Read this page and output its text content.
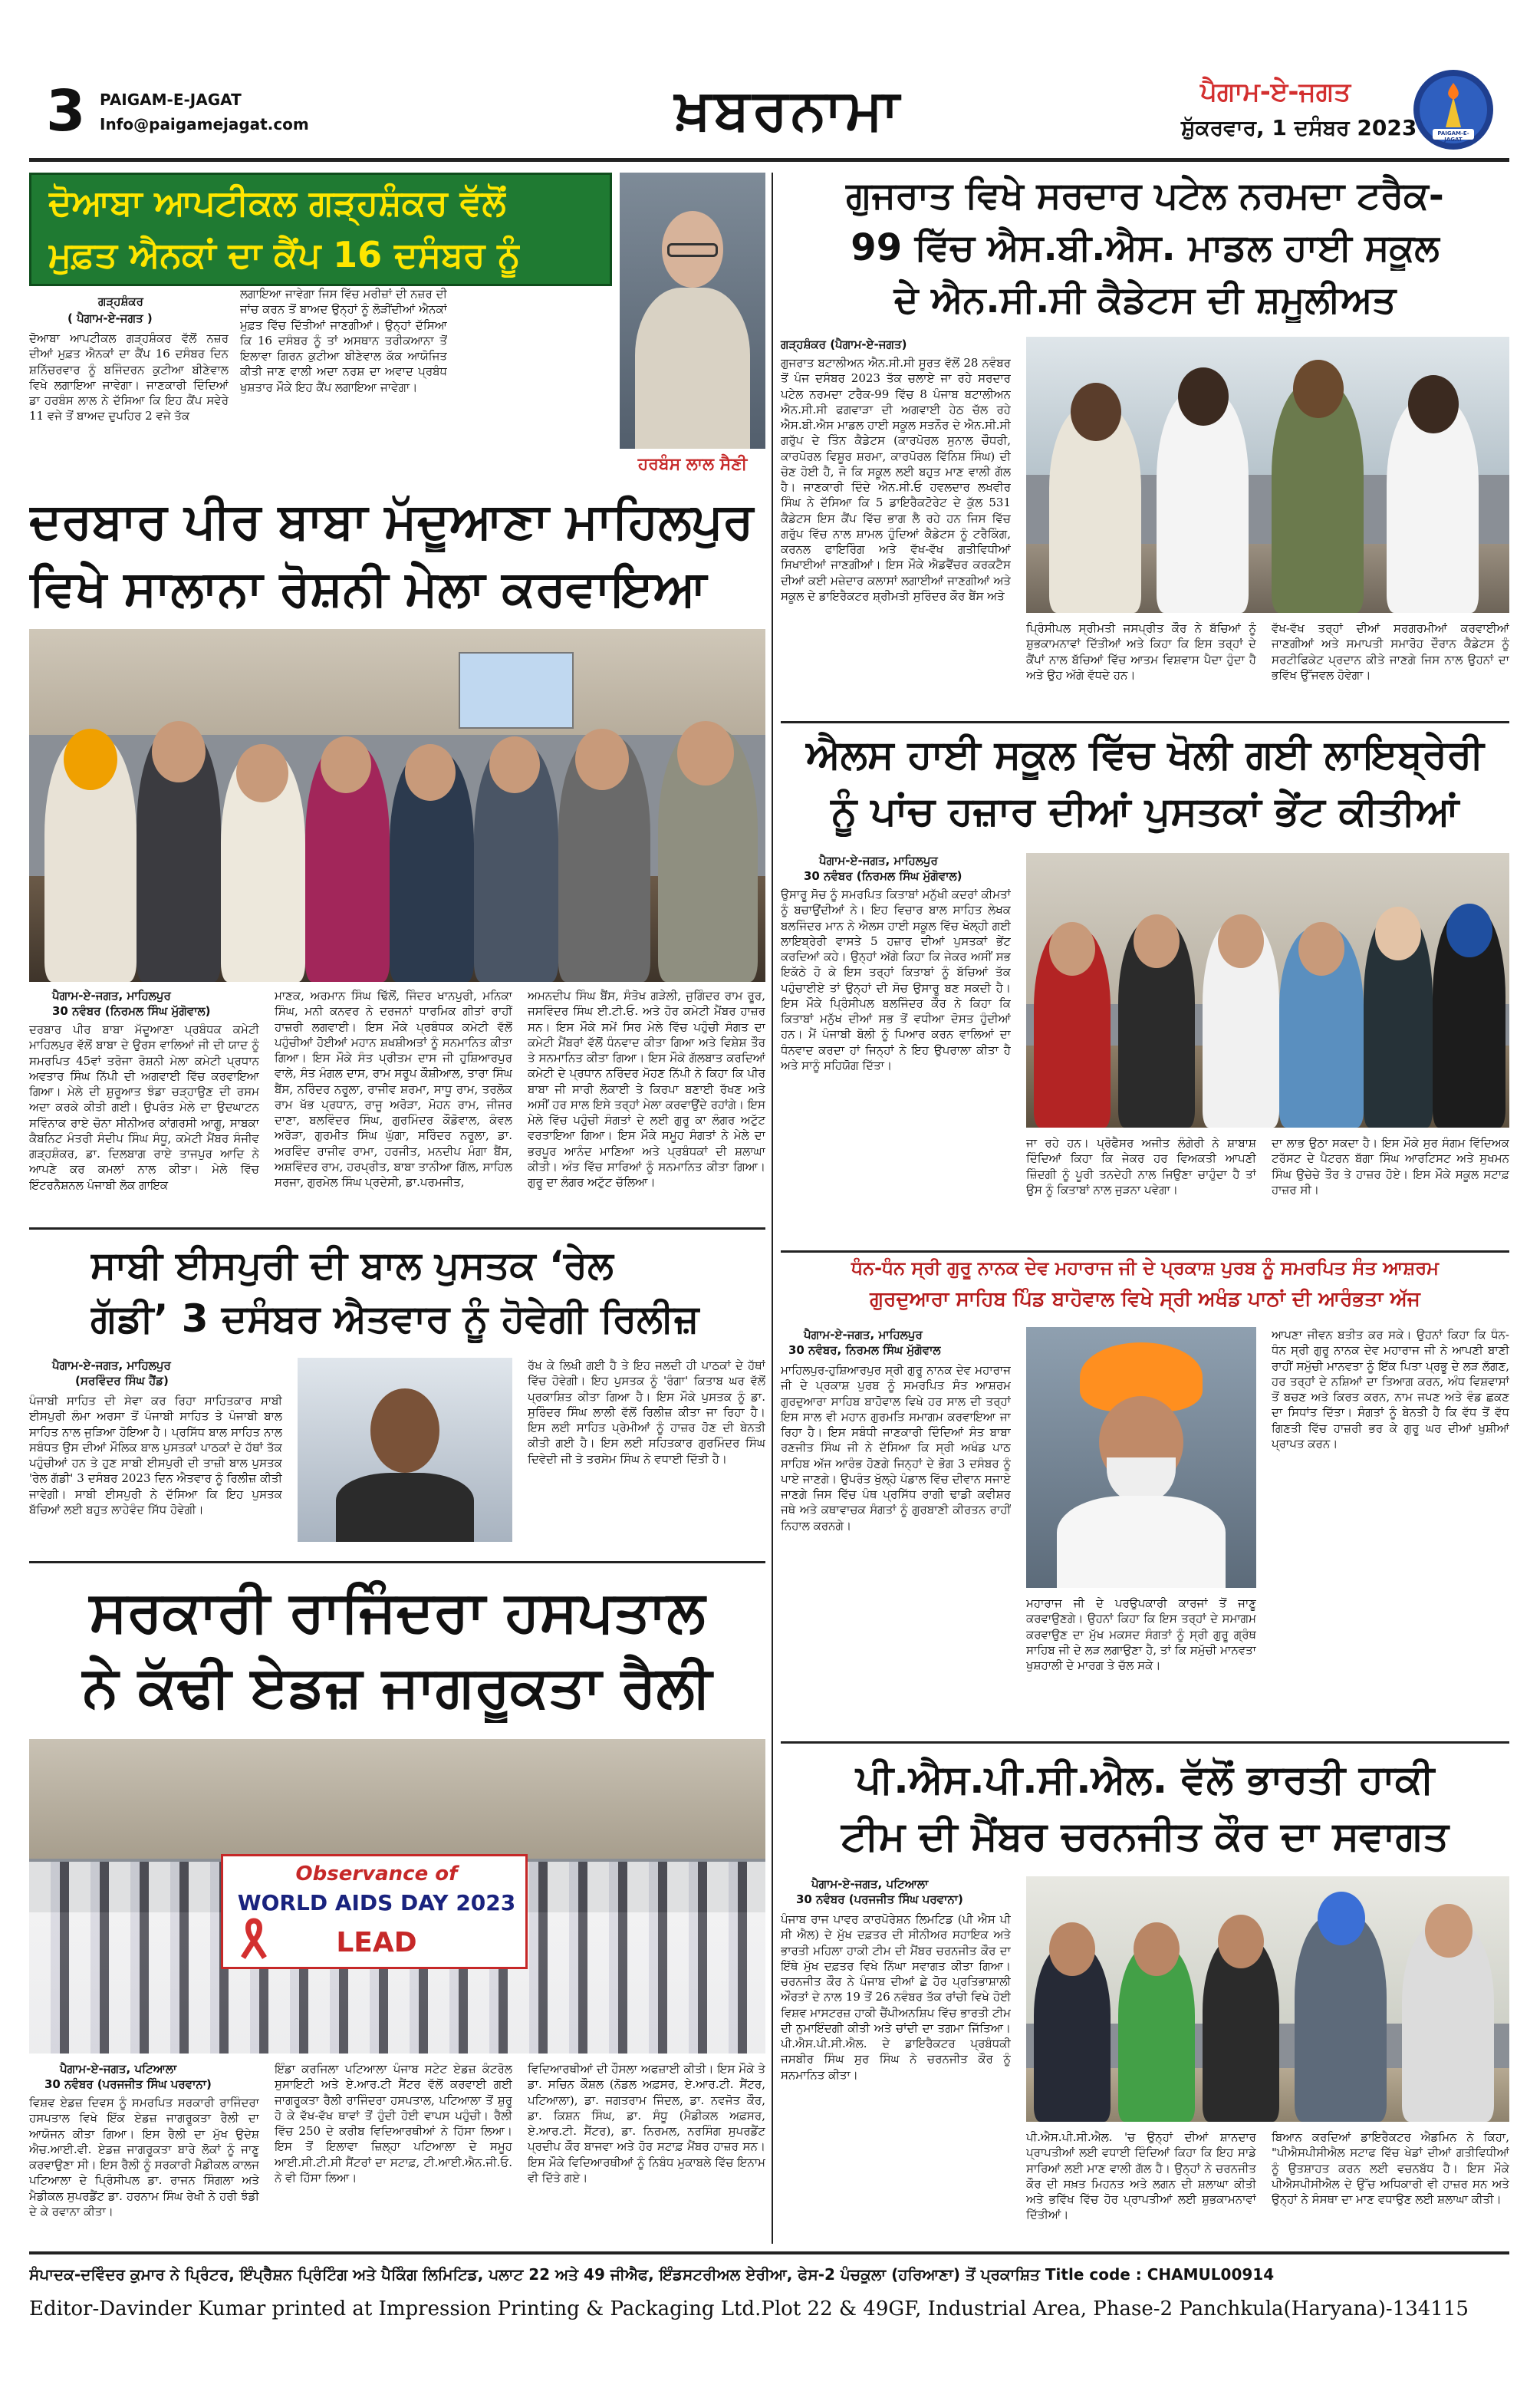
3 PAIGAM-E-JAGAT
Info@paigamejagat.com	ਖ਼ਬਰਨਾਮਾ	ਪੈਗਾਮ-ਏ-ਜਗਤ
ਸ਼ੁੱਕਰਵਾਰ, 1 ਦਸੰਬਰ 2023	PAIGAM-E-JAGAT
ਦੋਆਬਾ ਆਪਟੀਕਲ ਗੜ੍ਹਸ਼ੰਕਰ ਵੱਲੋਂ
ਮੁਫ਼ਤ ਐਨਕਾਂ ਦਾ ਕੈਂਪ 16 ਦਸੰਬਰ ਨੂੰ
ਗੜ੍ਹਸ਼ੰਕਰ
( ਪੈਗਾਮ-ਏ-ਜਗਤ )
ਦੋਆਬਾ ਆਪਟੀਕਲ ਗੜ੍ਹਸ਼ੰਕਰ ਵੱਲੋਂ ਨਜ਼ਰ ਦੀਆਂ ਮੁਫ਼ਤ ਐਨਕਾਂ ਦਾ ਕੈਂਪ 16 ਦਸੰਬਰ ਦਿਨ ਸ਼ਨਿੱਚਰਵਾਰ ਨੂੰ ਬਜਿੰਦਰਨ ਕੁਟੀਆ ਬੀਣੇਵਾਲ ਵਿਖੇ ਲਗਾਇਆ ਜਾਵੇਗਾ। ਜਾਣਕਾਰੀ ਦਿੰਦਿਆਂ ਡਾ ਹਰਬੰਸ ਲਾਲ ਨੇ ਦੱਸਿਆ ਕਿ ਇਹ ਕੈਂਪ ਸਵੇਰੇ 11 ਵਜੇ ਤੋਂ ਬਾਅਦ ਦੁਪਹਿਰ 2 ਵਜੇ ਤੱਕ
ਲਗਾਇਆ ਜਾਵੇਗਾ ਜਿਸ ਵਿੱਚ ਮਰੀਜ਼ਾਂ ਦੀ ਨਜ਼ਰ ਦੀ ਜਾਂਚ ਕਰਨ ਤੋਂ ਬਾਅਦ ਉਨ੍ਹਾਂ ਨੂੰ ਲੋੜੀਂਦੀਆਂ ਐਨਕਾਂ ਮੁਫ਼ਤ ਵਿੱਚ ਦਿੱਤੀਆਂ ਜਾਣਗੀਆਂ। ਉਨ੍ਹਾਂ ਦੱਸਿਆ ਕਿ 16 ਦਸੰਬਰ ਨੂੰ ਤਾਂ ਅਸਥਾਨ ਤਰੀਕਆਨਾ ਤੋਂ ਇਲਾਵਾ ਗਿਰਨ ਕੁਟੀਆ ਬੀਣੇਵਾਲ ਕੱਕ ਆਯੋਜਿਤ ਕੀਤੀ ਜਾਣ ਵਾਲੀ ਅਦਾ ਨਰਸ਼ ਦਾ ਅਵਾਦ ਪ੍ਰਬੰਧ ਖੁਸ਼ਤਾਰ ਮੌਕੇ ਇਹ ਕੈਂਪ ਲਗਾਇਆ ਜਾਵੇਗਾ।
ਹਰਬੰਸ ਲਾਲ ਸੈਣੀ
ਦਰਬਾਰ ਪੀਰ ਬਾਬਾ ਮੱਦੂਆਣਾ ਮਾਹਿਲਪੁਰ
ਵਿਖੇ ਸਾਲਾਨਾ ਰੋਸ਼ਨੀ ਮੇਲਾ ਕਰਵਾਇਆ
ਪੈਗਾਮ-ਏ-ਜਗਤ, ਮਾਹਿਲਪੁਰ
30 ਨਵੰਬਰ (ਨਿਰਮਲ ਸਿੰਘ ਮੁੱਗੋਵਾਲ)
ਦਰਬਾਰ ਪੀਰ ਬਾਬਾ ਮੱਦੂਆਣਾ ਪ੍ਰਬੰਧਕ ਕਮੇਟੀ ਮਾਹਿਲਪੁਰ ਵੱਲੋਂ ਬਾਬਾ ਦੇ ਉਰਸ ਵਾਲਿਆਂ ਜੀ ਦੀ ਯਾਦ ਨੂੰ ਸਮਰਪਿਤ 45ਵਾਂ ਤਰੋਜਾ ਰੋਸ਼ਨੀ ਮੇਲਾ ਕਮੇਟੀ ਪ੍ਰਧਾਨ ਅਵਤਾਰ ਸਿੰਘ ਨਿੱਪੀ ਦੀ ਅਗਵਾਈ ਵਿੱਚ ਕਰਵਾਇਆ ਗਿਆ। ਮੇਲੇ ਦੀ ਸ਼ੁਰੂਆਤ ਝੰਡਾ ਚੜ੍ਹਾਉਣ ਦੀ ਰਸਮ ਅਦਾ ਕਰਕੇ ਕੀਤੀ ਗਈ। ਉਪਰੰਤ ਮੇਲੇ ਦਾ ਉਦਘਾਟਨ ਸਵਿੰਨਾਕ ਰਾਏ ਚੋਨਾ ਸੀਨੀਅਰ ਕਾਂਗਰਸੀ ਆਗੂ, ਸਾਬਕਾ ਕੈਬਨਿਟ ਮੰਤਰੀ ਸੰਦੀਪ ਸਿੰਘ ਸੰਧੂ, ਕਮੇਟੀ ਮੈਂਬਰ ਸੰਜੀਵ ਗੜ੍ਹਸ਼ੰਕਰ, ਡਾ. ਦਿਲਬਾਗ ਰਾਏ ਤਾਜਪੁਰ ਆਦਿ ਨੇ ਆਪਣੇ ਕਰ ਕਮਲਾਂ ਨਾਲ ਕੀਤਾ। ਮੇਲੇ ਵਿੱਚ ਇੰਟਰਨੈਸ਼ਨਲ ਪੰਜਾਬੀ ਲੋਕ ਗਾਇਕ
ਮਾਣਕ, ਅਰਮਾਨ ਸਿੰਘ ਢਿੱਲੋਂ, ਜਿੰਦਰ ਖਾਨਪੁਰੀ, ਮਨਿਕਾ ਸਿੰਘ, ਮਨੀ ਕਨਵਰ ਨੇ ਦਰਜਨਾਂ ਧਾਰਮਿਕ ਗੀਤਾਂ ਰਾਹੀਂ ਹਾਜ਼ਰੀ ਲਗਵਾਈ। ਇਸ ਮੌਕੇ ਪ੍ਰਬੰਧਕ ਕਮੇਟੀ ਵੱਲੋਂ ਪਹੁੰਚੀਆਂ ਹੋਈਆਂ ਮਹਾਨ ਸ਼ਖਸ਼ੀਅਤਾਂ ਨੂੰ ਸਨਮਾਨਿਤ ਕੀਤਾ ਗਿਆ। ਇਸ ਮੌਕੇ ਸੰਤ ਪ੍ਰੀਤਮ ਦਾਸ ਜੀ ਹੁਸ਼ਿਆਰਪੁਰ ਵਾਲੇ, ਸੰਤ ਮੰਗਲ ਦਾਸ, ਰਾਮ ਸਰੂਪ ਕੌਸ਼ੀਆਲ, ਤਾਰਾ ਸਿੰਘ ਬੈਂਸ, ਨਰਿੰਦਰ ਨਰੂਲਾ, ਰਾਜੀਵ ਸ਼ਰਮਾ, ਸਾਧੂ ਰਾਮ, ਤਰਲੋਕ ਰਾਮ ਖੱਭ ਪ੍ਰਧਾਨ, ਰਾਜੂ ਅਰੋੜਾ, ਮੋਹਨ ਰਾਮ, ਜੀਜਰ ਦਾਣਾ, ਬਲਵਿੰਦਰ ਸਿੰਘ, ਗੁਰਮਿੰਦਰ ਕੌਡੋਵਾਲ, ਕੰਵਲ ਅਰੋੜਾ, ਗੁਰਮੀਤ ਸਿੰਘ ਘੁੱਗਾ, ਸਰਿੰਦਰ ਨਰੂਲਾ, ਡਾ. ਅਰਵਿੰਦ ਰਾਜੀਵ ਰਾਮਾ, ਹਰਜੀਤ, ਮਨਦੀਪ ਮੰਗਾ ਬੈਂਸ, ਅਸ਼ਵਿੰਦਰ ਰਾਮ, ਹਰਪ੍ਰੀਤ, ਬਾਬਾ ਤਾਨੀਆ ਗਿੱਲ, ਸਾਹਿਲ ਸਰਜਾ, ਗੁਰਮੇਲ ਸਿੰਘ ਪ੍ਰਦੇਸੀ, ਡਾ.ਪਰਮਜੀਤ,
ਅਮਨਦੀਪ ਸਿੰਘ ਬੈਂਸ, ਸੰਤੋਖ ਗੜੇਲੀ, ਜੁਗਿੰਦਰ ਰਾਮ ਰੂਰ, ਜਸਵਿੰਦਰ ਸਿੰਘ ਈ.ਟੀ.ਓ. ਅਤੇ ਹੋਰ ਕਮੇਟੀ ਮੈਂਬਰ ਹਾਜ਼ਰ ਸਨ। ਇਸ ਮੌਕੇ ਸਮੇਂ ਸਿਰ ਮੇਲੇ ਵਿੱਚ ਪਹੁੰਚੀ ਸੰਗਤ ਦਾ ਕਮੇਟੀ ਮੈਂਬਰਾਂ ਵੱਲੋਂ ਧੰਨਵਾਦ ਕੀਤਾ ਗਿਆ ਅਤੇ ਵਿਸ਼ੇਸ਼ ਤੌਰ ਤੇ ਸਨਮਾਨਿਤ ਕੀਤਾ ਗਿਆ। ਇਸ ਮੌਕੇ ਗੱਲਬਾਤ ਕਰਦਿਆਂ ਕਮੇਟੀ ਦੇ ਪ੍ਰਧਾਨ ਨਰਿੰਦਰ ਮੋਹਣ ਨਿੱਪੀ ਨੇ ਕਿਹਾ ਕਿ ਪੀਰ ਬਾਬਾ ਜੀ ਸਾਰੀ ਲੋਕਾਈ ਤੇ ਕਿਰਪਾ ਬਣਾਈ ਰੱਖਣ ਅਤੇ ਅਸੀਂ ਹਰ ਸਾਲ ਇਸੇ ਤਰ੍ਹਾਂ ਮੇਲਾ ਕਰਵਾਉਂਦੇ ਰਹਾਂਗੇ। ਇਸ ਮੇਲੇ ਵਿੱਚ ਪਹੁੰਚੀ ਸੰਗਤਾਂ ਦੇ ਲਈ ਗੁਰੂ ਕਾ ਲੰਗਰ ਅਟੁੱਟ ਵਰਤਾਇਆ ਗਿਆ। ਇਸ ਮੌਕੇ ਸਮੂਹ ਸੰਗਤਾਂ ਨੇ ਮੇਲੇ ਦਾ ਭਰਪੂਰ ਆਨੰਦ ਮਾਣਿਆ ਅਤੇ ਪ੍ਰਬੰਧਕਾਂ ਦੀ ਸ਼ਲਾਘਾ ਕੀਤੀ। ਅੰਤ ਵਿੱਚ ਸਾਰਿਆਂ ਨੂੰ ਸਨਮਾਨਿਤ ਕੀਤਾ ਗਿਆ। ਗੁਰੂ ਦਾ ਲੰਗਰ ਅਟੁੱਟ ਚੱਲਿਆ।
ਸਾਬੀ ਈਸਪੁਰੀ ਦੀ ਬਾਲ ਪੁਸਤਕ ‘ਰੇਲ
ਗੱਡੀ’ 3 ਦਸੰਬਰ ਐਤਵਾਰ ਨੂੰ ਹੋਵੇਗੀ ਰਿਲੀਜ਼
ਪੈਗਾਮ-ਏ-ਜਗਤ, ਮਾਹਿਲਪੁਰ
(ਸਰਵਿੰਦਰ ਸਿੰਘ ਹੈਂਡ)
ਪੰਜਾਬੀ ਸਾਹਿਤ ਦੀ ਸੇਵਾ ਕਰ ਰਿਹਾ ਸਾਹਿਤਕਾਰ ਸਾਬੀ ਈਸਪੁਰੀ ਲੰਮਾ ਅਰਸਾ ਤੋਂ ਪੰਜਾਬੀ ਸਾਹਿਤ ਤੇ ਪੰਜਾਬੀ ਬਾਲ ਸਾਹਿਤ ਨਾਲ ਜੁੜਿਆ ਹੋਇਆ ਹੈ। ਪ੍ਰਸਿੱਧ ਬਾਲ ਸਾਹਿਤ ਨਾਲ ਸਬੰਧਤ ਉਸ ਦੀਆਂ ਮੌਲਿਕ ਬਾਲ ਪੁਸਤਕਾਂ ਪਾਠਕਾਂ ਦੇ ਹੱਥਾਂ ਤੱਕ ਪਹੁੰਚੀਆਂ ਹਨ ਤੇ ਹੁਣ ਸਾਬੀ ਈਸਪੁਰੀ ਦੀ ਤਾਜ਼ੀ ਬਾਲ ਪੁਸਤਕ 'ਰੇਲ ਗੱਡੀ' 3 ਦਸੰਬਰ 2023 ਦਿਨ ਐਤਵਾਰ ਨੂੰ ਰਿਲੀਜ਼ ਕੀਤੀ ਜਾਵੇਗੀ। ਸਾਬੀ ਈਸਪੁਰੀ ਨੇ ਦੱਸਿਆ ਕਿ ਇਹ ਪੁਸਤਕ ਬੱਚਿਆਂ ਲਈ ਬਹੁਤ ਲਾਹੇਵੰਦ ਸਿੱਧ ਹੋਵੇਗੀ।
ਰੱਖ ਕੇ ਲਿਖੀ ਗਈ ਹੈ ਤੇ ਇਹ ਜਲਦੀ ਹੀ ਪਾਠਕਾਂ ਦੇ ਹੱਥਾਂ ਵਿੱਚ ਹੋਵੇਗੀ। ਇਹ ਪੁਸਤਕ ਨੂੰ 'ਰੰਗਾ' ਕਿਤਾਬ ਘਰ ਵੱਲੋਂ ਪ੍ਰਕਾਸ਼ਿਤ ਕੀਤਾ ਗਿਆ ਹੈ। ਇਸ ਮੌਕੇ ਪੁਸਤਕ ਨੂੰ ਡਾ. ਸੁਰਿੰਦਰ ਸਿੰਘ ਲਾਲੀ ਵੱਲੋਂ ਰਿਲੀਜ਼ ਕੀਤਾ ਜਾ ਰਿਹਾ ਹੈ। ਇਸ ਲਈ ਸਾਹਿਤ ਪ੍ਰੇਮੀਆਂ ਨੂੰ ਹਾਜ਼ਰ ਹੋਣ ਦੀ ਬੇਨਤੀ ਕੀਤੀ ਗਈ ਹੈ। ਇਸ ਲਈ ਸਹਿਤਕਾਰ ਗੁਰਮਿੰਦਰ ਸਿੰਘ ਦਿਵੇਦੀ ਜੀ ਤੇ ਤਰਸੇਮ ਸਿੰਘ ਨੇ ਵਧਾਈ ਦਿੱਤੀ ਹੈ।
ਸਰਕਾਰੀ ਰਾਜਿੰਦਰਾ ਹਸਪਤਾਲ
ਨੇ ਕੱਢੀ ਏਡਜ਼ ਜਾਗਰੂਕਤਾ ਰੈਲੀ
Observance of
WORLD AIDS DAY 2023
LEAD
ਪੈਗਾਮ-ਏ-ਜਗਤ, ਪਟਿਆਲਾ
30 ਨਵੰਬਰ (ਪਰਜਜੀਤ ਸਿੰਘ ਪਰਵਾਨਾ)
ਵਿਸ਼ਵ ਏਡਜ਼ ਦਿਵਸ ਨੂੰ ਸਮਰਪਿਤ ਸਰਕਾਰੀ ਰਾਜਿੰਦਰਾ ਹਸਪਤਾਲ ਵਿਖੇ ਇੱਕ ਏਡਜ਼ ਜਾਗਰੂਕਤਾ ਰੈਲੀ ਦਾ ਆਯੋਜਨ ਕੀਤਾ ਗਿਆ। ਇਸ ਰੈਲੀ ਦਾ ਮੁੱਖ ਉਦੇਸ਼ ਐਚ.ਆਈ.ਵੀ. ਏਡਜ਼ ਜਾਗਰੂਕਤਾ ਬਾਰੇ ਲੋਕਾਂ ਨੂੰ ਜਾਣੂ ਕਰਵਾਉਣਾ ਸੀ। ਇਸ ਰੈਲੀ ਨੂੰ ਸਰਕਾਰੀ ਮੈਡੀਕਲ ਕਾਲਜ ਪਟਿਆਲਾ ਦੇ ਪ੍ਰਿੰਸੀਪਲ ਡਾ. ਰਾਜਨ ਸਿੰਗਲਾ ਅਤੇ ਮੈਡੀਕਲ ਸੁਪਰਡੈਂਟ ਡਾ. ਹਰਨਾਮ ਸਿੰਘ ਰੇਖੀ ਨੇ ਹਰੀ ਝੰਡੀ ਦੇ ਕੇ ਰਵਾਨਾ ਕੀਤਾ।
ਇੰਡਾ ਕਰਜਿਲਾ ਪਟਿਆਲਾ ਪੰਜਾਬ ਸਟੇਟ ਏਡਜ਼ ਕੰਟਰੋਲ ਸੁਸਾਇਟੀ ਅਤੇ ਏ.ਆਰ.ਟੀ ਸੈਂਟਰ ਵੱਲੋਂ ਕਰਵਾਈ ਗਈ ਜਾਗਰੂਕਤਾ ਰੈਲੀ ਰਾਜਿੰਦਰਾ ਹਸਪਤਾਲ, ਪਟਿਆਲਾ ਤੋਂ ਸ਼ੁਰੂ ਹੋ ਕੇ ਵੱਖ-ਵੱਖ ਥਾਵਾਂ ਤੋਂ ਹੁੰਦੀ ਹੋਈ ਵਾਪਸ ਪਹੁੰਚੀ। ਰੈਲੀ ਵਿੱਚ 250 ਦੇ ਕਰੀਬ ਵਿਦਿਆਰਥੀਆਂ ਨੇ ਹਿੱਸਾ ਲਿਆ। ਇਸ ਤੋਂ ਇਲਾਵਾ ਜ਼ਿਲ੍ਹਾ ਪਟਿਆਲਾ ਦੇ ਸਮੂਹ ਆਈ.ਸੀ.ਟੀ.ਸੀ ਸੈਂਟਰਾਂ ਦਾ ਸਟਾਫ਼, ਟੀ.ਆਈ.ਐਨ.ਜੀ.ਓ. ਨੇ ਵੀ ਹਿੱਸਾ ਲਿਆ।
ਵਿਦਿਆਰਥੀਆਂ ਦੀ ਹੌਸਲਾ ਅਫਜ਼ਾਈ ਕੀਤੀ। ਇਸ ਮੌਕੇ ਤੇ ਡਾ. ਸਚਿਨ ਕੌਸ਼ਲ (ਨੋਡਲ ਅਫ਼ਸਰ, ਏ.ਆਰ.ਟੀ. ਸੈਂਟਰ, ਪਟਿਆਲਾ), ਡਾ. ਜਗਤਰਾਮ ਜਿੰਦਲ, ਡਾ. ਨਵਜੋਤ ਕੌਰ, ਡਾ. ਕਿਸ਼ਨ ਸਿੰਘ, ਡਾ. ਸੰਧੂ (ਮੈਡੀਕਲ ਅਫ਼ਸਰ, ਏ.ਆਰ.ਟੀ. ਸੈਂਟਰ), ਡਾ. ਨਿਰਮਲ, ਨਰਸਿੰਗ ਸੁਪਰਡੈਂਟ ਪ੍ਰਦੀਪ ਕੌਰ ਬਾਜਵਾ ਅਤੇ ਹੋਰ ਸਟਾਫ਼ ਮੈਂਬਰ ਹਾਜ਼ਰ ਸਨ। ਇਸ ਮੌਕੇ ਵਿਦਿਆਰਥੀਆਂ ਨੂੰ ਨਿਬੰਧ ਮੁਕਾਬਲੇ ਵਿੱਚ ਇਨਾਮ ਵੀ ਦਿੱਤੇ ਗਏ।
ਗੁਜਰਾਤ ਵਿਖੇ ਸਰਦਾਰ ਪਟੇਲ ਨਰਮਦਾ ਟਰੈਕ-
99 ਵਿੱਚ ਐਸ.ਬੀ.ਐਸ. ਮਾਡਲ ਹਾਈ ਸਕੂਲ
ਦੇ ਐਨ.ਸੀ.ਸੀ ਕੈਡੇਟਸ ਦੀ ਸ਼ਮੂਲੀਅਤ
ਗੜ੍ਹਸ਼ੰਕਰ (ਪੈਗਾਮ-ਏ-ਜਗਤ)
ਗੁਜਰਾਤ ਬਟਾਲੀਅਨ ਐਨ.ਸੀ.ਸੀ ਸੂਰਤ ਵੱਲੋਂ 28 ਨਵੰਬਰ ਤੋਂ ਪੰਜ ਦਸੰਬਰ 2023 ਤੱਕ ਚਲਾਏ ਜਾ ਰਹੇ ਸਰਦਾਰ ਪਟੇਲ ਨਰਮਦਾ ਟਰੈਕ-99 ਵਿੱਚ 8 ਪੰਜਾਬ ਬਟਾਲੀਅਨ ਐਨ.ਸੀ.ਸੀ ਫਗਵਾੜਾ ਦੀ ਅਗਵਾਈ ਹੇਠ ਚੱਲ ਰਹੇ ਐਸ.ਬੀ.ਐਸ ਮਾਡਲ ਹਾਈ ਸਕੂਲ ਸਤਨੌਰ ਦੇ ਐਨ.ਸੀ.ਸੀ ਗਰੁੱਪ ਦੇ ਤਿੰਨ ਕੈਡੇਟਸ (ਕਾਰਪੋਰਲ ਸੁਨਾਲ ਚੌਧਰੀ, ਕਾਰਪੋਰਲ ਵਿਸ਼ੂਰ ਸ਼ਰਮਾ, ਕਾਰਪੋਰਲ ਵਿੱਨਿਸ਼ ਸਿੰਘ) ਦੀ ਚੋਣ ਹੋਈ ਹੈ, ਜੋ ਕਿ ਸਕੂਲ ਲਈ ਬਹੁਤ ਮਾਣ ਵਾਲੀ ਗੱਲ ਹੈ। ਜਾਣਕਾਰੀ ਦਿੰਦੇ ਐਨ.ਸੀ.ਓ ਹਵਲਦਾਰ ਲਖਵੀਰ ਸਿੰਘ ਨੇ ਦੱਸਿਆ ਕਿ 5 ਡਾਇਰੈਕਟੋਰੇਟ ਦੇ ਕੁੱਲ 531 ਕੈਡੇਟਸ ਇਸ ਕੈਂਪ ਵਿੱਚ ਭਾਗ ਲੈ ਰਹੇ ਹਨ ਜਿਸ ਵਿੱਚ ਗਰੁੱਪ ਵਿੱਚ ਨਾਲ ਸ਼ਾਮਲ ਹੁੰਦਿਆਂ ਕੈਡੇਟਸ ਨੂੰ ਟਰੈਕਿੰਗ, ਕਰਨਲ ਫਾਇਰਿੰਗ ਅਤੇ ਵੱਖ-ਵੱਖ ਗਤੀਵਿਧੀਆਂ ਸਿਖਾਈਆਂ ਜਾਣਗੀਆਂ। ਇਸ ਮੌਕੇ ਐਡਵੈਂਚਰ ਕਰਕਟੈਸ ਦੀਆਂ ਕਈ ਮਜ਼ੇਦਾਰ ਕਲਾਸਾਂ ਲਗਾਈਆਂ ਜਾਣਗੀਆਂ ਅਤੇ ਸਕੂਲ ਦੇ ਡਾਇਰੈਕਟਰ ਸ਼੍ਰੀਮਤੀ ਸੁਰਿੰਦਰ ਕੌਰ ਬੈਂਸ ਅਤੇ
ਪ੍ਰਿੰਸੀਪਲ ਸ੍ਰੀਮਤੀ ਜਸਪ੍ਰੀਤ ਕੌਰ ਨੇ ਬੱਚਿਆਂ ਨੂੰ ਸ਼ੁਭਕਾਮਨਾਵਾਂ ਦਿੱਤੀਆਂ ਅਤੇ ਕਿਹਾ ਕਿ ਇਸ ਤਰ੍ਹਾਂ ਦੇ ਕੈਂਪਾਂ ਨਾਲ ਬੱਚਿਆਂ ਵਿੱਚ ਆਤਮ ਵਿਸ਼ਵਾਸ ਪੈਦਾ ਹੁੰਦਾ ਹੈ ਅਤੇ ਉਹ ਅੱਗੇ ਵੱਧਦੇ ਹਨ।
ਵੱਖ-ਵੱਖ ਤਰ੍ਹਾਂ ਦੀਆਂ ਸਰਗਰਮੀਆਂ ਕਰਵਾਈਆਂ ਜਾਣਗੀਆਂ ਅਤੇ ਸਮਾਪਤੀ ਸਮਾਰੋਹ ਦੌਰਾਨ ਕੈਡੇਟਸ ਨੂੰ ਸਰਟੀਫਿਕੇਟ ਪ੍ਰਦਾਨ ਕੀਤੇ ਜਾਣਗੇ ਜਿਸ ਨਾਲ ਉਹਨਾਂ ਦਾ ਭਵਿੱਖ ਉੱਜਵਲ ਹੋਵੇਗਾ।
ਐਲਸ ਹਾਈ ਸਕੂਲ ਵਿੱਚ ਖੋਲੀ ਗਈ ਲਾਇਬ੍ਰੇਰੀ
ਨੂੰ ਪਾਂਚ ਹਜ਼ਾਰ ਦੀਆਂ ਪੁਸਤਕਾਂ ਭੇਂਟ ਕੀਤੀਆਂ
ਪੈਗਾਮ-ਏ-ਜਗਤ, ਮਾਹਿਲਪੁਰ
30 ਨਵੰਬਰ (ਨਿਰਮਲ ਸਿੰਘ ਮੁੱਗੋਵਾਲ)
ਉਸਾਰੂ ਸੋਚ ਨੂੰ ਸਮਰਪਿਤ ਕਿਤਾਬਾਂ ਮਨੁੱਖੀ ਕਦਰਾਂ ਕੀਮਤਾਂ ਨੂੰ ਬਚਾਉਂਦੀਆਂ ਨੇ। ਇਹ ਵਿਚਾਰ ਬਾਲ ਸਾਹਿਤ ਲੇਖਕ ਬਲਜਿੰਦਰ ਮਾਨ ਨੇ ਐਲਸ ਹਾਈ ਸਕੂਲ ਵਿੱਚ ਖੋਲ੍ਹੀ ਗਈ ਲਾਇਬ੍ਰੇਰੀ ਵਾਸਤੇ 5 ਹਜ਼ਾਰ ਦੀਆਂ ਪੁਸਤਕਾਂ ਭੇਂਟ ਕਰਦਿਆਂ ਕਹੇ। ਉਨ੍ਹਾਂ ਅੱਗੇ ਕਿਹਾ ਕਿ ਜੇਕਰ ਅਸੀਂ ਸਭ ਇਕੱਠੇ ਹੋ ਕੇ ਇਸ ਤਰ੍ਹਾਂ ਕਿਤਾਬਾਂ ਨੂੰ ਬੱਚਿਆਂ ਤੱਕ ਪਹੁੰਚਾਈਏ ਤਾਂ ਉਨ੍ਹਾਂ ਦੀ ਸੋਚ ਉਸਾਰੂ ਬਣ ਸਕਦੀ ਹੈ। ਇਸ ਮੌਕੇ ਪ੍ਰਿੰਸੀਪਲ ਬਲਜਿੰਦਰ ਕੌਰ ਨੇ ਕਿਹਾ ਕਿ ਕਿਤਾਬਾਂ ਮਨੁੱਖ ਦੀਆਂ ਸਭ ਤੋਂ ਵਧੀਆ ਦੋਸਤ ਹੁੰਦੀਆਂ ਹਨ। ਮੈਂ ਪੰਜਾਬੀ ਬੋਲੀ ਨੂੰ ਪਿਆਰ ਕਰਨ ਵਾਲਿਆਂ ਦਾ ਧੰਨਵਾਦ ਕਰਦਾ ਹਾਂ ਜਿਨ੍ਹਾਂ ਨੇ ਇਹ ਉਪਰਾਲਾ ਕੀਤਾ ਹੈ ਅਤੇ ਸਾਨੂੰ ਸਹਿਯੋਗ ਦਿੱਤਾ।
ਜਾ ਰਹੇ ਹਨ। ਪ੍ਰੋਫੈਸਰ ਅਜੀਤ ਲੰਗੇਰੀ ਨੇ ਸ਼ਾਬਾਸ਼ ਦਿੰਦਿਆਂ ਕਿਹਾ ਕਿ ਜੇਕਰ ਹਰ ਵਿਅਕਤੀ ਆਪਣੀ ਜ਼ਿੰਦਗੀ ਨੂੰ ਪੂਰੀ ਤਨਦੇਹੀ ਨਾਲ ਜਿਉਣਾ ਚਾਹੁੰਦਾ ਹੈ ਤਾਂ ਉਸ ਨੂੰ ਕਿਤਾਬਾਂ ਨਾਲ ਜੁੜਨਾ ਪਵੇਗਾ।
ਦਾ ਲਾਭ ਉਠਾ ਸਕਦਾ ਹੈ। ਇਸ ਮੌਕੇ ਸੁਰ ਸੰਗਮ ਵਿੱਦਿਅਕ ਟਰੱਸਟ ਦੇ ਪੈਟਰਨ ਬੱਗਾ ਸਿੰਘ ਆਰਟਿਸਟ ਅਤੇ ਸੁਖਮਨ ਸਿੰਘ ਉਚੇਚੇ ਤੌਰ ਤੇ ਹਾਜ਼ਰ ਹੋਏ। ਇਸ ਮੌਕੇ ਸਕੂਲ ਸਟਾਫ਼ ਹਾਜ਼ਰ ਸੀ।
ਧੰਨ-ਧੰਨ ਸ੍ਰੀ ਗੁਰੂ ਨਾਨਕ ਦੇਵ ਮਹਾਰਾਜ ਜੀ ਦੇ ਪ੍ਰਕਾਸ਼ ਪੁਰਬ ਨੂੰ ਸਮਰਪਿਤ ਸੰਤ ਆਸ਼ਰਮ
ਗੁਰਦੁਆਰਾ ਸਾਹਿਬ ਪਿੰਡ ਬਾਹੋਵਾਲ ਵਿਖੇ ਸ੍ਰੀ ਅਖੰਡ ਪਾਠਾਂ ਦੀ ਆਰੰਭਤਾ ਅੱਜ
ਪੈਗਾਮ-ਏ-ਜਗਤ, ਮਾਹਿਲਪੁਰ
30 ਨਵੰਬਰ, ਨਿਰਮਲ ਸਿੰਘ ਮੁੱਗੋਵਾਲ
ਮਾਹਿਲਪੁਰ-ਹੁਸ਼ਿਆਰਪੁਰ ਸ੍ਰੀ ਗੁਰੂ ਨਾਨਕ ਦੇਵ ਮਹਾਰਾਜ ਜੀ ਦੇ ਪ੍ਰਕਾਸ਼ ਪੁਰਬ ਨੂੰ ਸਮਰਪਿਤ ਸੰਤ ਆਸ਼ਰਮ ਗੁਰਦੁਆਰਾ ਸਾਹਿਬ ਬਾਹੋਵਾਲ ਵਿਖੇ ਹਰ ਸਾਲ ਦੀ ਤਰ੍ਹਾਂ ਇਸ ਸਾਲ ਵੀ ਮਹਾਨ ਗੁਰਮਤਿ ਸਮਾਗਮ ਕਰਵਾਇਆ ਜਾ ਰਿਹਾ ਹੈ। ਇਸ ਸਬੰਧੀ ਜਾਣਕਾਰੀ ਦਿੰਦਿਆਂ ਸੰਤ ਬਾਬਾ ਰਣਜੀਤ ਸਿੰਘ ਜੀ ਨੇ ਦੱਸਿਆ ਕਿ ਸ੍ਰੀ ਅਖੰਡ ਪਾਠ ਸਾਹਿਬ ਅੱਜ ਆਰੰਭ ਹੋਣਗੇ ਜਿਨ੍ਹਾਂ ਦੇ ਭੋਗ 3 ਦਸੰਬਰ ਨੂੰ ਪਾਏ ਜਾਣਗੇ। ਉਪਰੰਤ ਖੁੱਲ੍ਹੇ ਪੰਡਾਲ ਵਿੱਚ ਦੀਵਾਨ ਸਜਾਏ ਜਾਣਗੇ ਜਿਸ ਵਿੱਚ ਪੰਥ ਪ੍ਰਸਿੱਧ ਰਾਗੀ ਢਾਡੀ ਕਵੀਸ਼ਰ ਜਥੇ ਅਤੇ ਕਥਾਵਾਚਕ ਸੰਗਤਾਂ ਨੂੰ ਗੁਰਬਾਣੀ ਕੀਰਤਨ ਰਾਹੀਂ ਨਿਹਾਲ ਕਰਨਗੇ।
ਮਹਾਰਾਜ ਜੀ ਦੇ ਪਰਉਪਕਾਰੀ ਕਾਰਜਾਂ ਤੋਂ ਜਾਣੂ ਕਰਵਾਉਣਗੇ। ਉਹਨਾਂ ਕਿਹਾ ਕਿ ਇਸ ਤਰ੍ਹਾਂ ਦੇ ਸਮਾਗਮ ਕਰਵਾਉਣ ਦਾ ਮੁੱਖ ਮਕਸਦ ਸੰਗਤਾਂ ਨੂੰ ਸ੍ਰੀ ਗੁਰੂ ਗ੍ਰੰਥ ਸਾਹਿਬ ਜੀ ਦੇ ਲੜ ਲਗਾਉਣਾ ਹੈ, ਤਾਂ ਕਿ ਸਮੁੱਚੀ ਮਾਨਵਤਾ ਖੁਸ਼ਹਾਲੀ ਦੇ ਮਾਰਗ ਤੇ ਚੱਲ ਸਕੇ।
ਆਪਣਾ ਜੀਵਨ ਬਤੀਤ ਕਰ ਸਕੇ। ਉਹਨਾਂ ਕਿਹਾ ਕਿ ਧੰਨ-ਧੰਨ ਸ੍ਰੀ ਗੁਰੂ ਨਾਨਕ ਦੇਵ ਮਹਾਰਾਜ ਜੀ ਨੇ ਆਪਣੀ ਬਾਣੀ ਰਾਹੀਂ ਸਮੁੱਚੀ ਮਾਨਵਤਾ ਨੂੰ ਇੱਕ ਪਿਤਾ ਪ੍ਰਭੂ ਦੇ ਲੜ ਲੱਗਣ, ਹਰ ਤਰ੍ਹਾਂ ਦੇ ਨਸ਼ਿਆਂ ਦਾ ਤਿਆਗ ਕਰਨ, ਅੰਧ ਵਿਸ਼ਵਾਸਾਂ ਤੋਂ ਬਚਣ ਅਤੇ ਕਿਰਤ ਕਰਨ, ਨਾਮ ਜਪਣ ਅਤੇ ਵੰਡ ਛਕਣ ਦਾ ਸਿਧਾਂਤ ਦਿੱਤਾ। ਸੰਗਤਾਂ ਨੂੰ ਬੇਨਤੀ ਹੈ ਕਿ ਵੱਧ ਤੋਂ ਵੱਧ ਗਿਣਤੀ ਵਿੱਚ ਹਾਜ਼ਰੀ ਭਰ ਕੇ ਗੁਰੂ ਘਰ ਦੀਆਂ ਖੁਸ਼ੀਆਂ ਪ੍ਰਾਪਤ ਕਰਨ।
ਪੀ.ਐਸ.ਪੀ.ਸੀ.ਐਲ. ਵੱਲੋਂ ਭਾਰਤੀ ਹਾਕੀ
ਟੀਮ ਦੀ ਮੈਂਬਰ ਚਰਨਜੀਤ ਕੌਰ ਦਾ ਸਵਾਗਤ
ਪੈਗਾਮ-ਏ-ਜਗਤ, ਪਟਿਆਲਾ
30 ਨਵੰਬਰ (ਪਰਜਜੀਤ ਸਿੰਘ ਪਰਵਾਨਾ)
ਪੰਜਾਬ ਰਾਜ ਪਾਵਰ ਕਾਰਪੋਰੇਸ਼ਨ ਲਿਮਟਿਡ (ਪੀ ਐਸ ਪੀ ਸੀ ਐਲ) ਦੇ ਮੁੱਖ ਦਫ਼ਤਰ ਦੀ ਸੀਨੀਅਰ ਸਹਾਇਕ ਅਤੇ ਭਾਰਤੀ ਮਹਿਲਾ ਹਾਕੀ ਟੀਮ ਦੀ ਮੈਂਬਰ ਚਰਨਜੀਤ ਕੌਰ ਦਾ ਇੱਥੇ ਮੁੱਖ ਦਫ਼ਤਰ ਵਿਖੇ ਨਿੱਘਾ ਸਵਾਗਤ ਕੀਤਾ ਗਿਆ। ਚਰਨਜੀਤ ਕੌਰ ਨੇ ਪੰਜਾਬ ਦੀਆਂ ਛੇ ਹੋਰ ਪ੍ਰਤਿਭਾਸ਼ਾਲੀ ਔਰਤਾਂ ਦੇ ਨਾਲ 19 ਤੋਂ 26 ਨਵੰਬਰ ਤੱਕ ਰਾਂਚੀ ਵਿਖੇ ਹੋਈ ਵਿਸ਼ਵ ਮਾਸਟਰਜ਼ ਹਾਕੀ ਚੈਂਪੀਅਨਸ਼ਿਪ ਵਿੱਚ ਭਾਰਤੀ ਟੀਮ ਦੀ ਨੁਮਾਇੰਦਗੀ ਕੀਤੀ ਅਤੇ ਚਾਂਦੀ ਦਾ ਤਗਮਾ ਜਿੱਤਿਆ। ਪੀ.ਐਸ.ਪੀ.ਸੀ.ਐਲ. ਦੇ ਡਾਇਰੈਕਟਰ ਪ੍ਰਬੰਧਕੀ ਜਸਬੀਰ ਸਿੰਘ ਸੁਰ ਸਿੰਘ ਨੇ ਚਰਨਜੀਤ ਕੌਰ ਨੂੰ ਸਨਮਾਨਿਤ ਕੀਤਾ।
ਪੀ.ਐਸ.ਪੀ.ਸੀ.ਐਲ. 'ਚ ਉਨ੍ਹਾਂ ਦੀਆਂ ਸ਼ਾਨਦਾਰ ਪ੍ਰਾਪਤੀਆਂ ਲਈ ਵਧਾਈ ਦਿੰਦਿਆਂ ਕਿਹਾ ਕਿ ਇਹ ਸਾਡੇ ਸਾਰਿਆਂ ਲਈ ਮਾਣ ਵਾਲੀ ਗੱਲ ਹੈ। ਉਨ੍ਹਾਂ ਨੇ ਚਰਨਜੀਤ ਕੌਰ ਦੀ ਸਖ਼ਤ ਮਿਹਨਤ ਅਤੇ ਲਗਨ ਦੀ ਸ਼ਲਾਘਾ ਕੀਤੀ ਅਤੇ ਭਵਿੱਖ ਵਿੱਚ ਹੋਰ ਪ੍ਰਾਪਤੀਆਂ ਲਈ ਸ਼ੁਭਕਾਮਨਾਵਾਂ ਦਿੱਤੀਆਂ।
ਬਿਆਨ ਕਰਦਿਆਂ ਡਾਇਰੈਕਟਰ ਐਡਮਿਨ ਨੇ ਕਿਹਾ, "ਪੀਐਸਪੀਸੀਐਲ ਸਟਾਫ ਵਿੱਚ ਖੇਡਾਂ ਦੀਆਂ ਗਤੀਵਿਧੀਆਂ ਨੂੰ ਉਤਸ਼ਾਹਤ ਕਰਨ ਲਈ ਵਚਨਬੱਧ ਹੈ। ਇਸ ਮੌਕੇ ਪੀਐਸਪੀਸੀਐਲ ਦੇ ਉੱਚ ਅਧਿਕਾਰੀ ਵੀ ਹਾਜ਼ਰ ਸਨ ਅਤੇ ਉਨ੍ਹਾਂ ਨੇ ਸੰਸਥਾ ਦਾ ਮਾਣ ਵਧਾਉਣ ਲਈ ਸ਼ਲਾਘਾ ਕੀਤੀ।
ਸੰਪਾਦਕ-ਦਵਿੰਦਰ ਕੁਮਾਰ ਨੇ ਪ੍ਰਿੰਟਰ, ਇੰਪ੍ਰੈਸ਼ਨ ਪ੍ਰਿੰਟਿੰਗ ਅਤੇ ਪੈਕਿੰਗ ਲਿਮਿਟਿਡ, ਪਲਾਟ 22 ਅਤੇ 49 ਜੀਐਫ, ਇੰਡਸਟਰੀਅਲ ਏਰੀਆ, ਫੇਸ-2 ਪੰਚਕੂਲਾ (ਹਰਿਆਣਾ) ਤੋਂ ਪ੍ਰਕਾਸ਼ਿਤ Title code : CHAMUL00914
Editor-Davinder Kumar printed at Impression Printing & Packaging Ltd.Plot 22 & 49GF, Industrial Area, Phase-2 Panchkula(Haryana)-134115
